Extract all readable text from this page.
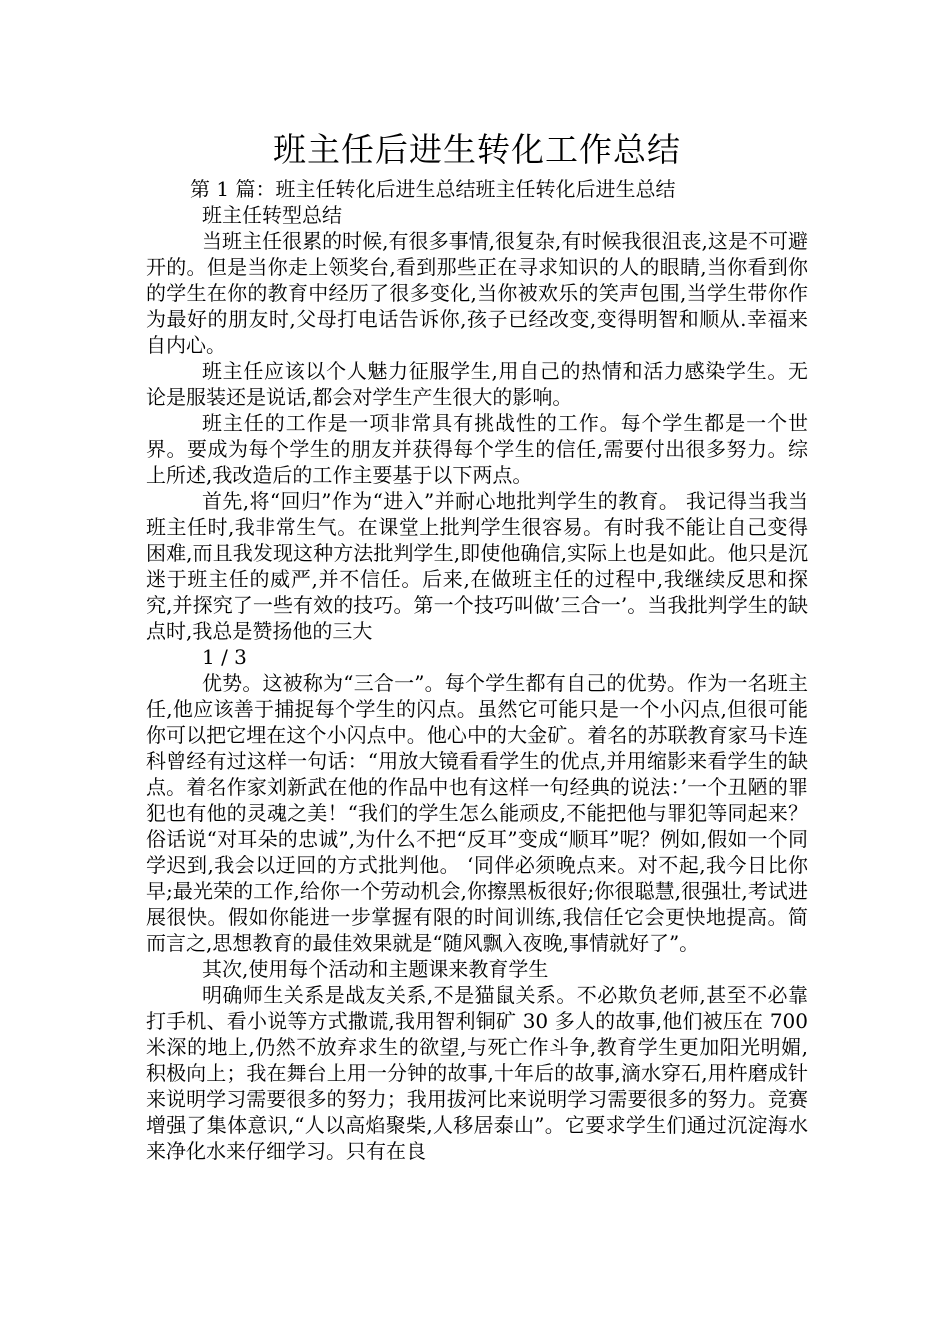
班主任后进生转化工作总结

第 1 篇：班主任转化后进生总结班主任转化后进生总结

班主任转型总结

当班主任很累的时候,有很多事情,很复杂,有时候我很沮丧,这是不可避开的。但是当你走上领奖台,看到那些正在寻求知识的人的眼睛,当你看到你的学生在你的教育中经历了很多变化,当你被欢乐的笑声包围,当学生带你作为最好的朋友时,父母打电话告诉你,孩子已经改变,变得明智和顺从.幸福来自内心。

班主任应该以个人魅力征服学生,用自己的热情和活力感染学生。无论是服装还是说话,都会对学生产生很大的影响。

班主任的工作是一项非常具有挑战性的工作。每个学生都是一个世界。要成为每个学生的朋友并获得每个学生的信任,需要付出很多努力。综上所述,我改造后的工作主要基于以下两点。

首先,将“回归”作为“进入”并耐心地批判学生的教育。 我记得当我当班主任时,我非常生气。在课堂上批判学生很容易。有时我不能让自己变得困难,而且我发现这种方法批判学生,即使他确信,实际上也是如此。他只是沉迷于班主任的威严,并不信任。后来,在做班主任的过程中,我继续反思和探究,并探究了一些有效的技巧。第一个技巧叫做’三合一’。当我批判学生的缺点时,我总是赞扬他的三大

1 / 3

优势。这被称为“三合一”。每个学生都有自己的优势。作为一名班主任,他应该善于捕捉每个学生的闪点。虽然它可能只是一个小闪点,但很可能你可以把它埋在这个小闪点中。他心中的大金矿。着名的苏联教育家马卡连科曾经有过这样一句话：“用放大镜看看学生的优点,并用缩影来看学生的缺点。着名作家刘新武在他的作品中也有这样一句经典的说法：’一个丑陋的罪犯也有他的灵魂之美！“我们的学生怎么能顽皮,不能把他与罪犯等同起来？俗话说“对耳朵的忠诚”,为什么不把“反耳”变成“顺耳”呢？例如,假如一个同学迟到,我会以迂回的方式批判他。 ‘同伴必须晚点来。对不起,我今日比你早;最光荣的工作,给你一个劳动机会,你擦黑板很好;你很聪慧,很强壮,考试进展很快。假如你能进一步掌握有限的时间训练,我信任它会更快地提高。简而言之,思想教育的最佳效果就是“随风飘入夜晚,事情就好了”。

其次,使用每个活动和主题课来教育学生

明确师生关系是战友关系,不是猫鼠关系。不必欺负老师,甚至不必靠打手机、看小说等方式撒谎,我用智利铜矿 30 多人的故事,他们被压在 700 米深的地上,仍然不放弃求生的欲望,与死亡作斗争,教育学生更加阳光明媚,积极向上；我在舞台上用一分钟的故事,十年后的故事,滴水穿石,用杵磨成针来说明学习需要很多的努力；我用拔河比来说明学习需要很多的努力。竞赛增强了集体意识,“人以高焰聚柴,人移居泰山”。它要求学生们通过沉淀海水来净化水来仔细学习。只有在良
